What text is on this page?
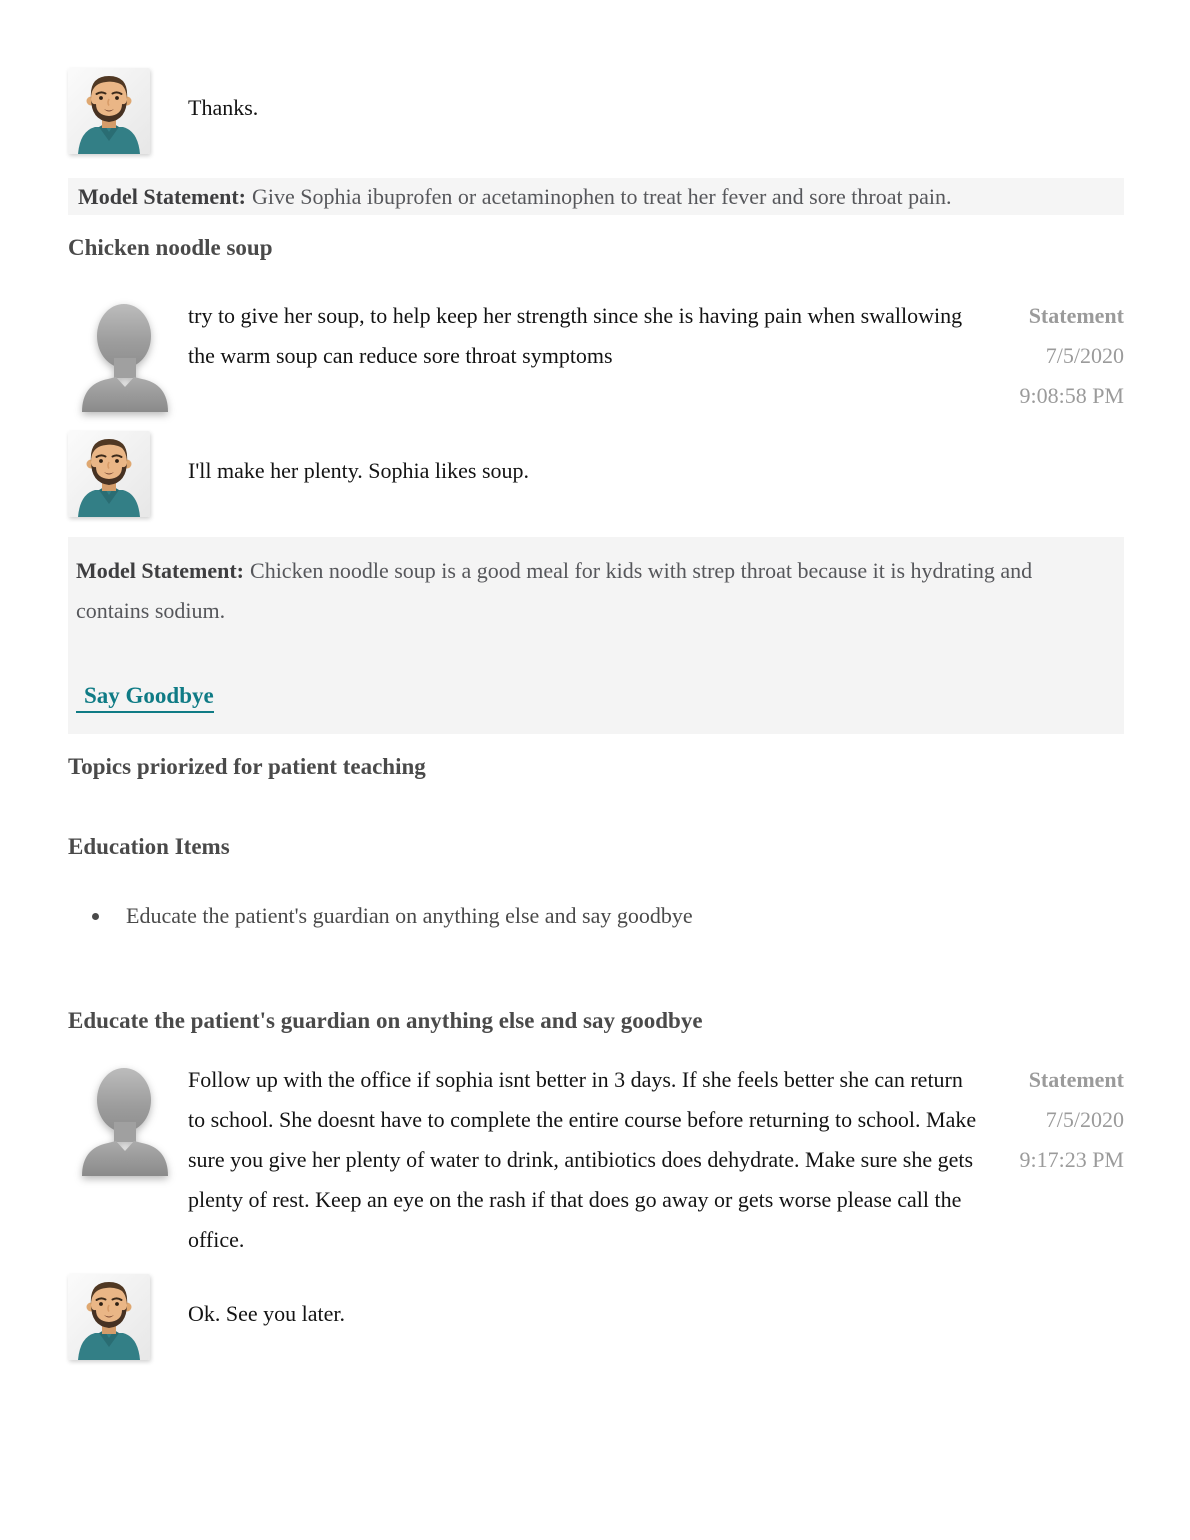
Thanks.
Model Statement: Give Sophia ibuprofen or acetaminophen to treat her fever and sore throat pain.
Chicken noodle soup
try to give her soup, to help keep her strength since she is having pain when swallowing the warm soup can reduce sore throat symptoms
Statement
7/5/2020
9:08:58 PM
I'll make her plenty. Sophia likes soup.
Model Statement: Chicken noodle soup is a good meal for kids with strep throat because it is hydrating and contains sodium.
Say Goodbye
Topics priorized for patient teaching
Education Items
• Educate the patient's guardian on anything else and say goodbye
Educate the patient's guardian on anything else and say goodbye
Follow up with the office if sophia isnt better in 3 days. If she feels better she can return to school. She doesnt have to complete the entire course before returning to school. Make sure you give her plenty of water to drink, antibiotics does dehydrate. Make sure she gets plenty of rest. Keep an eye on the rash if that does go away or gets worse please call the office.
Statement
7/5/2020
9:17:23 PM
Ok. See you later.
